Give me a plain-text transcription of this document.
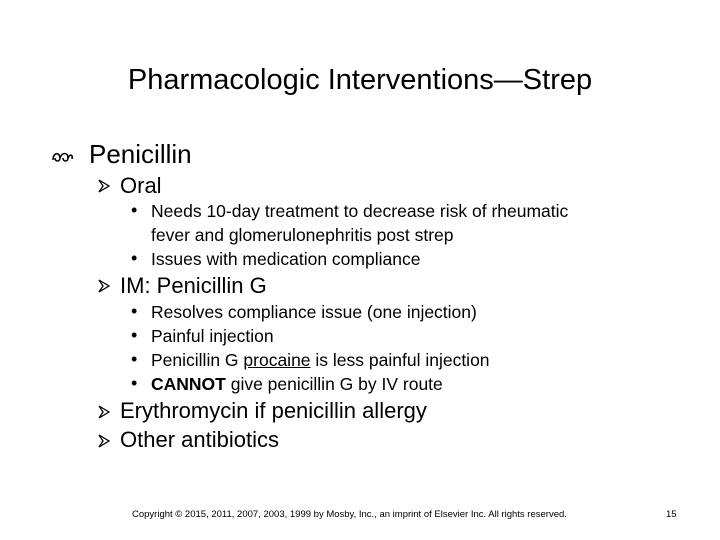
Pharmacologic Interventions—Strep
Penicillin
Oral
• Needs 10-day treatment to decrease risk of rheumatic
fever and glomerulonephritis post strep
• Issues with medication compliance
IM: Penicillin G
• Resolves compliance issue (one injection)
• Painful injection
• Penicillin G procaine is less painful injection
• CANNOT give penicillin G by IV route
Erythromycin if penicillin allergy
Other antibiotics
Copyright © 2015, 2011, 2007, 2003, 1999 by Mosby, Inc., an imprint of Elsevier Inc. All rights reserved.	15
